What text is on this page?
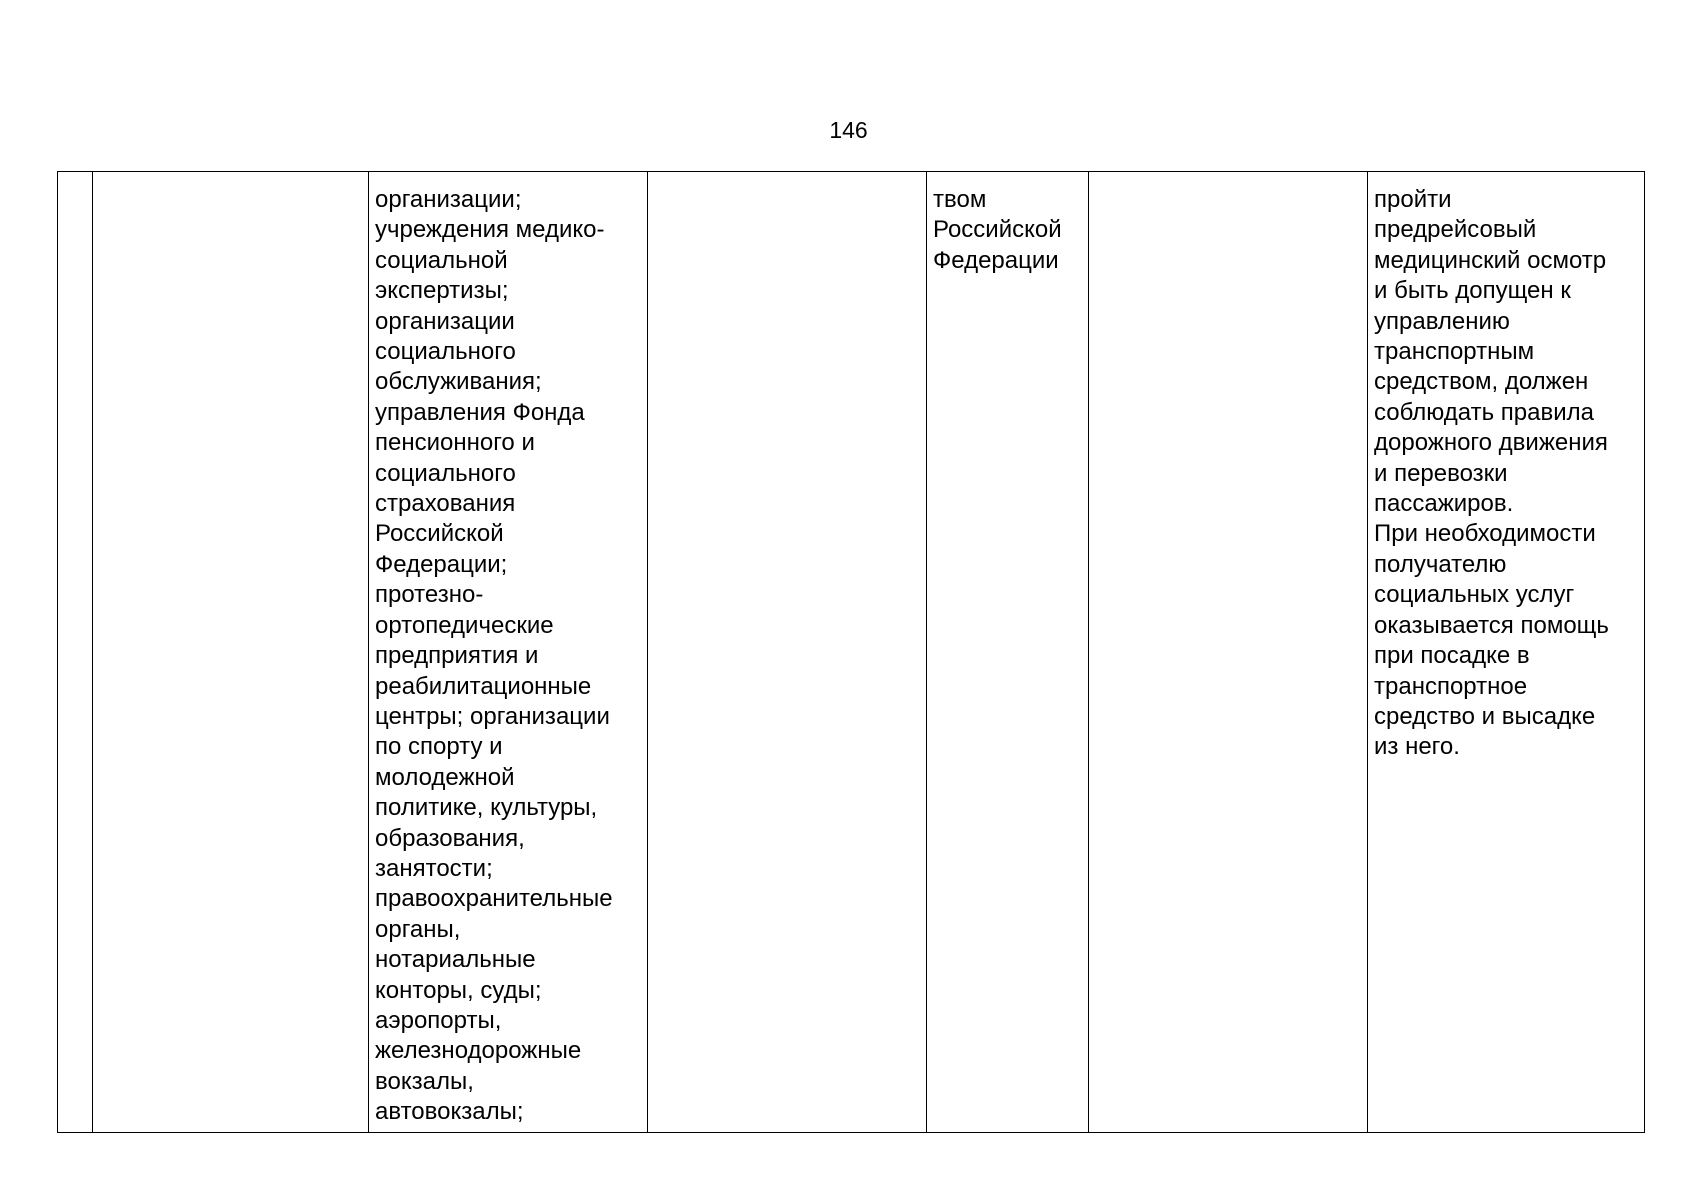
146
		организации;
учреждения медико-
социальной
экспертизы;
организации
социального
обслуживания;
управления Фонда
пенсионного и
социального
страхования
Российской
Федерации;
протезно-
ортопедические
предприятия и
реабилитационные
центры; организации
по спорту и
молодежной
политике, культуры,
образования,
занятости;
правоохранительные
органы,
нотариальные
конторы, суды;
аэропорты,
железнодорожные
вокзалы,
автовокзалы;		твом
Российской
Федерации		пройти
предрейсовый
медицинский осмотр
и быть допущен к
управлению
транспортным
средством, должен
соблюдать правила
дорожного движения
и перевозки
пассажиров.
При необходимости
получателю
социальных услуг
оказывается помощь
при посадке в
транспортное
средство и высадке
из него.
